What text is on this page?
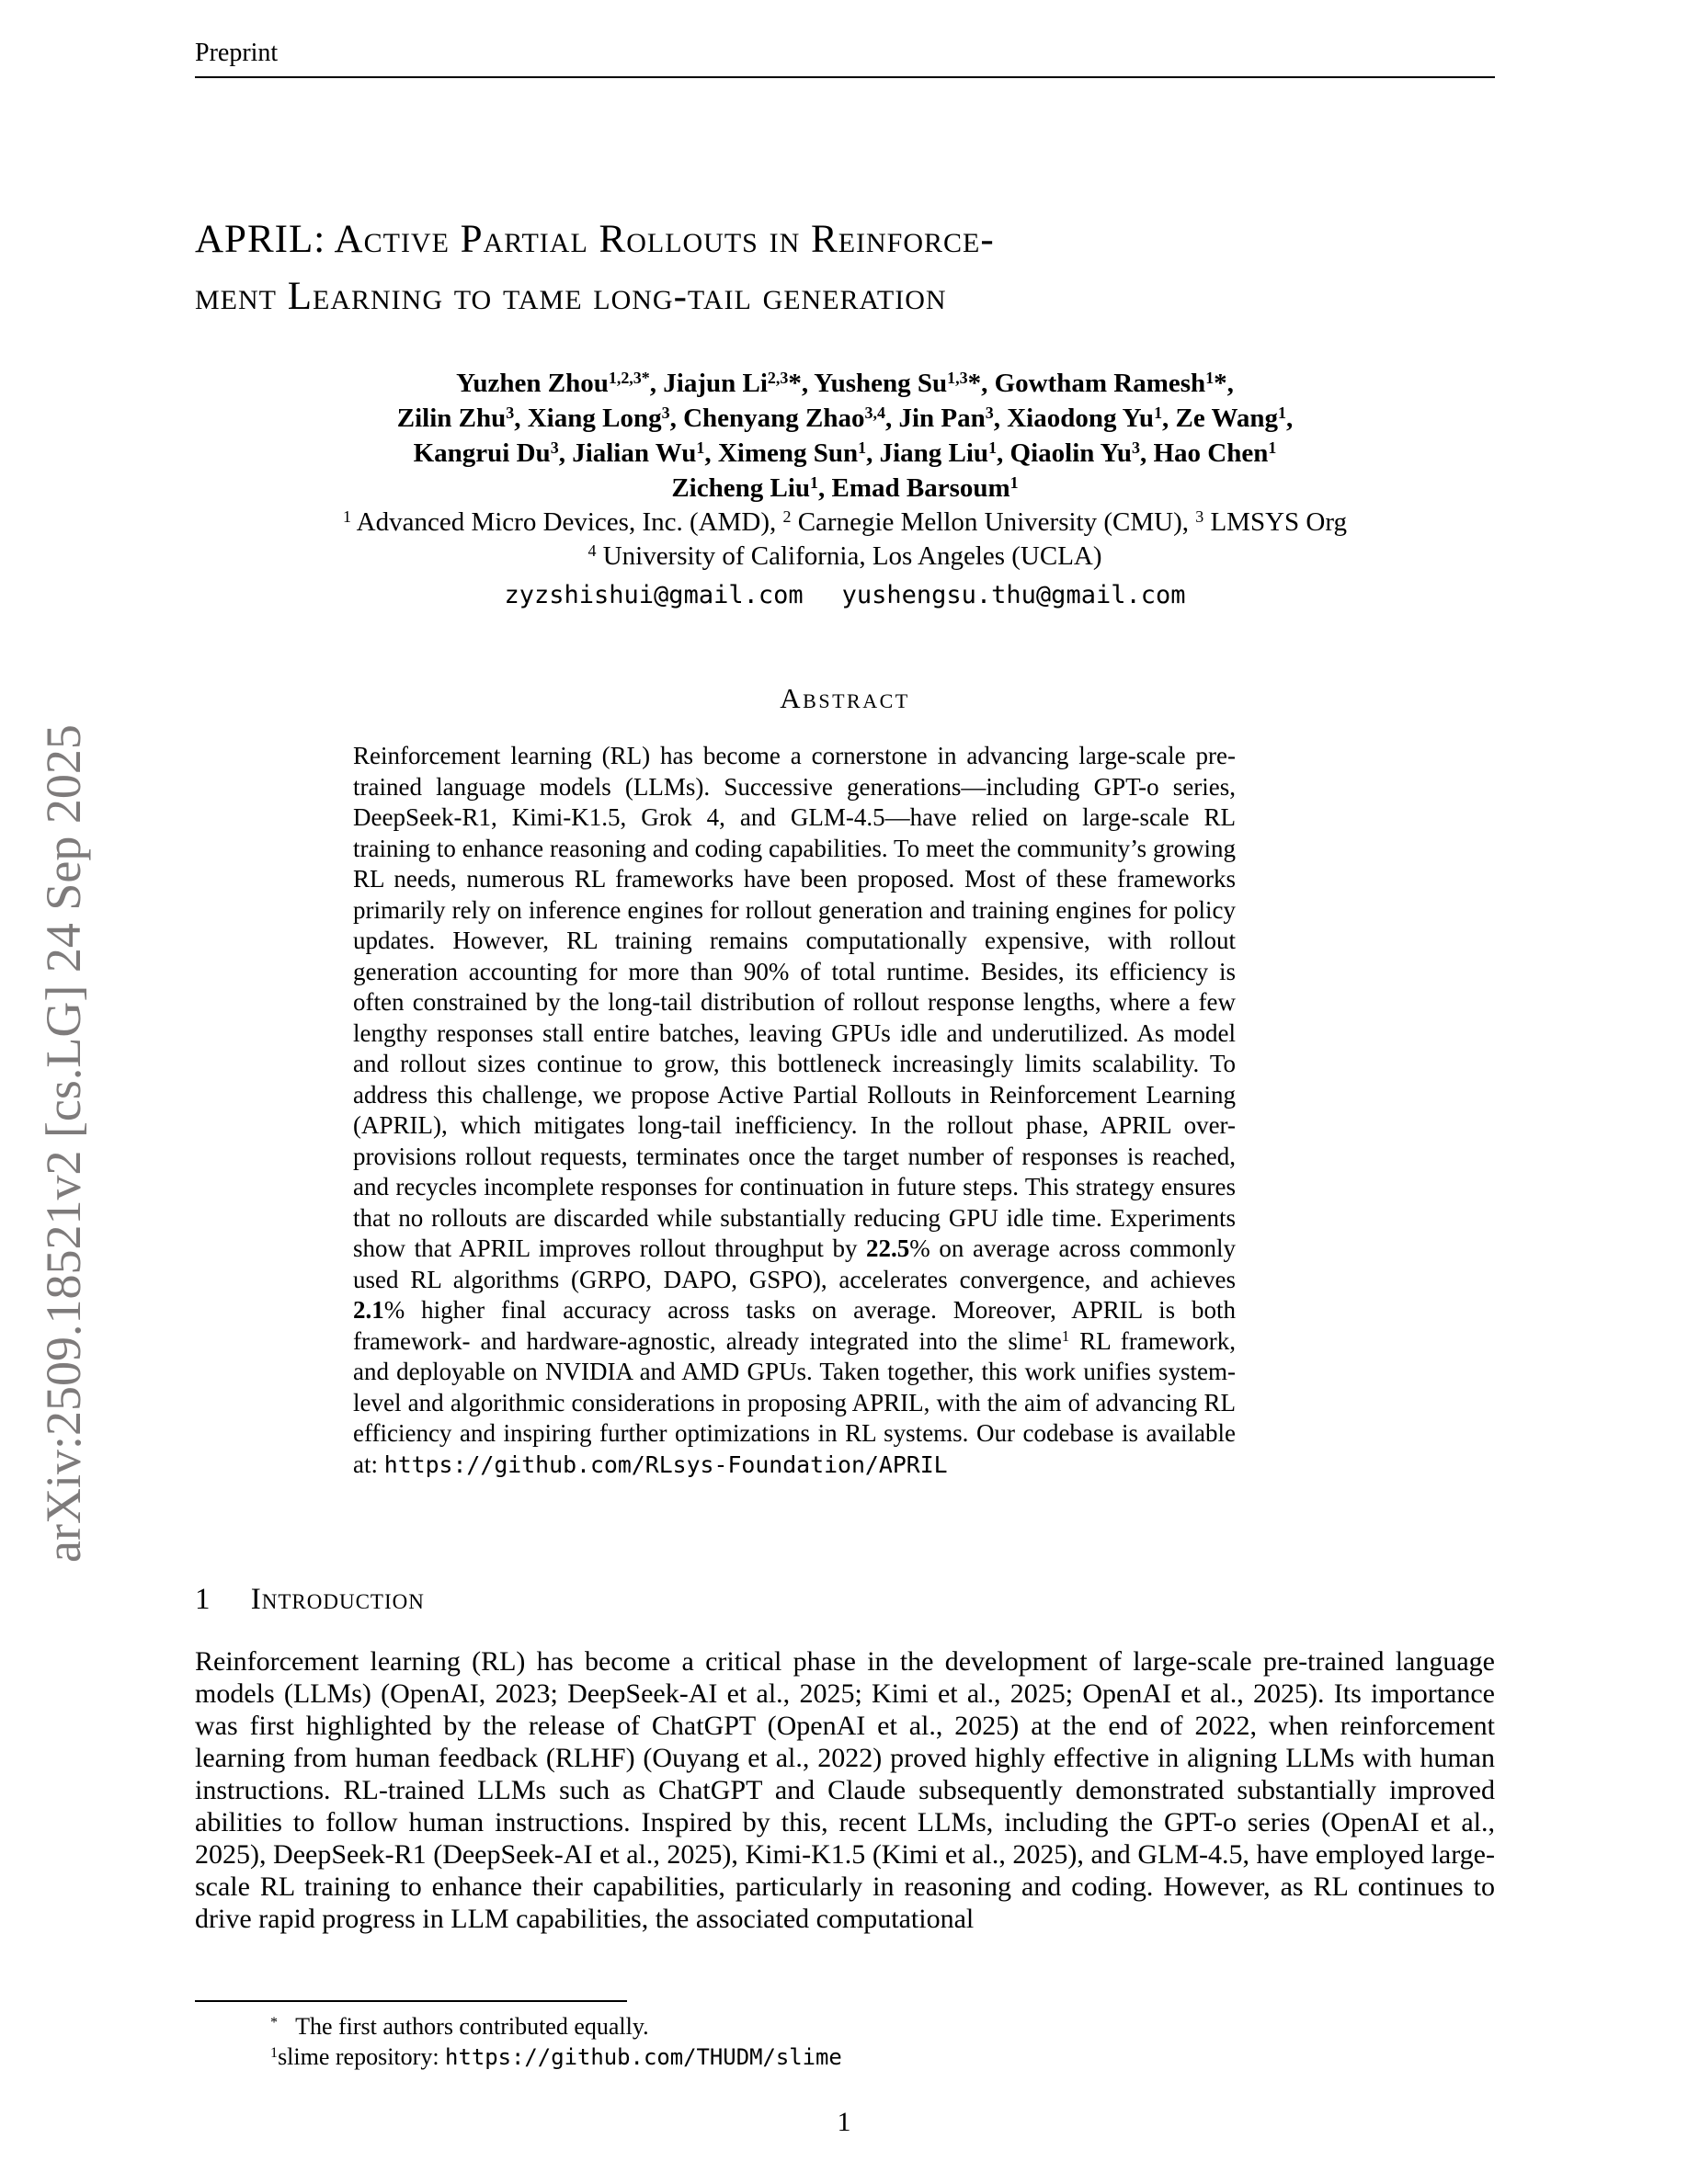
Preprint
arXiv:2509.18521v2 [cs.LG] 24 Sep 2025
APRIL: Active Partial Rollouts in Reinforce-
ment Learning to tame long-tail generation
Yuzhen Zhou$^{1,2,3*}$, Jiajun Li$^{2,3}$*, Yusheng Su$^{1,3}$*, Gowtham Ramesh$^1$*,
Zilin Zhu$^3$, Xiang Long$^3$, Chenyang Zhao$^{3,4}$, Jin Pan$^3$, Xiaodong Yu$^1$, Ze Wang$^1$,
Kangrui Du$^3$, Jialian Wu$^1$, Ximeng Sun$^1$, Jiang Liu$^1$, Qiaolin Yu$^3$, Hao Chen$^1$
Zicheng Liu$^1$, Emad Barsoum$^1$
$^1$ Advanced Micro Devices, Inc. (AMD), $^2$ Carnegie Mellon University (CMU), $^3$ LMSYS Org
$^4$ University of California, Los Angeles (UCLA)
zyzshishui@gmail.com yushengsu.thu@gmail.com
Abstract
Reinforcement learning (RL) has become a cornerstone in advancing large-scale pre-trained language models (LLMs). Successive generations—including GPT-o series, DeepSeek-R1, Kimi-K1.5, Grok 4, and GLM-4.5—have relied on large-scale RL training to enhance reasoning and coding capabilities. To meet the community’s growing RL needs, numerous RL frameworks have been proposed. Most of these frameworks primarily rely on inference engines for rollout generation and training engines for policy updates. However, RL training remains computationally expensive, with rollout generation accounting for more than 90% of total runtime. Besides, its efficiency is often constrained by the long-tail distribution of rollout response lengths, where a few lengthy responses stall entire batches, leaving GPUs idle and underutilized. As model and rollout sizes continue to grow, this bottleneck increasingly limits scalability. To address this challenge, we propose Active Partial Rollouts in Reinforcement Learning (APRIL), which mitigates long-tail inefficiency. In the rollout phase, APRIL over-provisions rollout requests, terminates once the target number of responses is reached, and recycles incomplete responses for continuation in future steps. This strategy ensures that no rollouts are discarded while substantially reducing GPU idle time. Experiments show that APRIL improves rollout throughput by 22.5% on average across commonly used RL algorithms (GRPO, DAPO, GSPO), accelerates convergence, and achieves 2.1% higher final accuracy across tasks on average. Moreover, APRIL is both framework- and hardware-agnostic, already integrated into the slime$^1$ RL framework, and deployable on NVIDIA and AMD GPUs. Taken together, this work unifies system-level and algorithmic considerations in proposing APRIL, with the aim of advancing RL efficiency and inspiring further optimizations in RL systems. Our codebase is available at: https://github.com/RLsys-Foundation/APRIL
1 Introduction
Reinforcement learning (RL) has become a critical phase in the development of large-scale pre-trained language models (LLMs) (OpenAI, 2023; DeepSeek-AI et al., 2025; Kimi et al., 2025; OpenAI et al., 2025). Its importance was first highlighted by the release of ChatGPT (OpenAI et al., 2025) at the end of 2022, when reinforcement learning from human feedback (RLHF) (Ouyang et al., 2022) proved highly effective in aligning LLMs with human instructions. RL-trained LLMs such as ChatGPT and Claude subsequently demonstrated substantially improved abilities to follow human instructions. Inspired by this, recent LLMs, including the GPT-o series (OpenAI et al., 2025), DeepSeek-R1 (DeepSeek-AI et al., 2025), Kimi-K1.5 (Kimi et al., 2025), and GLM-4.5, have employed large-scale RL training to enhance their capabilities, particularly in reasoning and coding. However, as RL continues to drive rapid progress in LLM capabilities, the associated computational
*   The first authors contributed equally.
$^1$slime repository: https://github.com/THUDM/slime
1
